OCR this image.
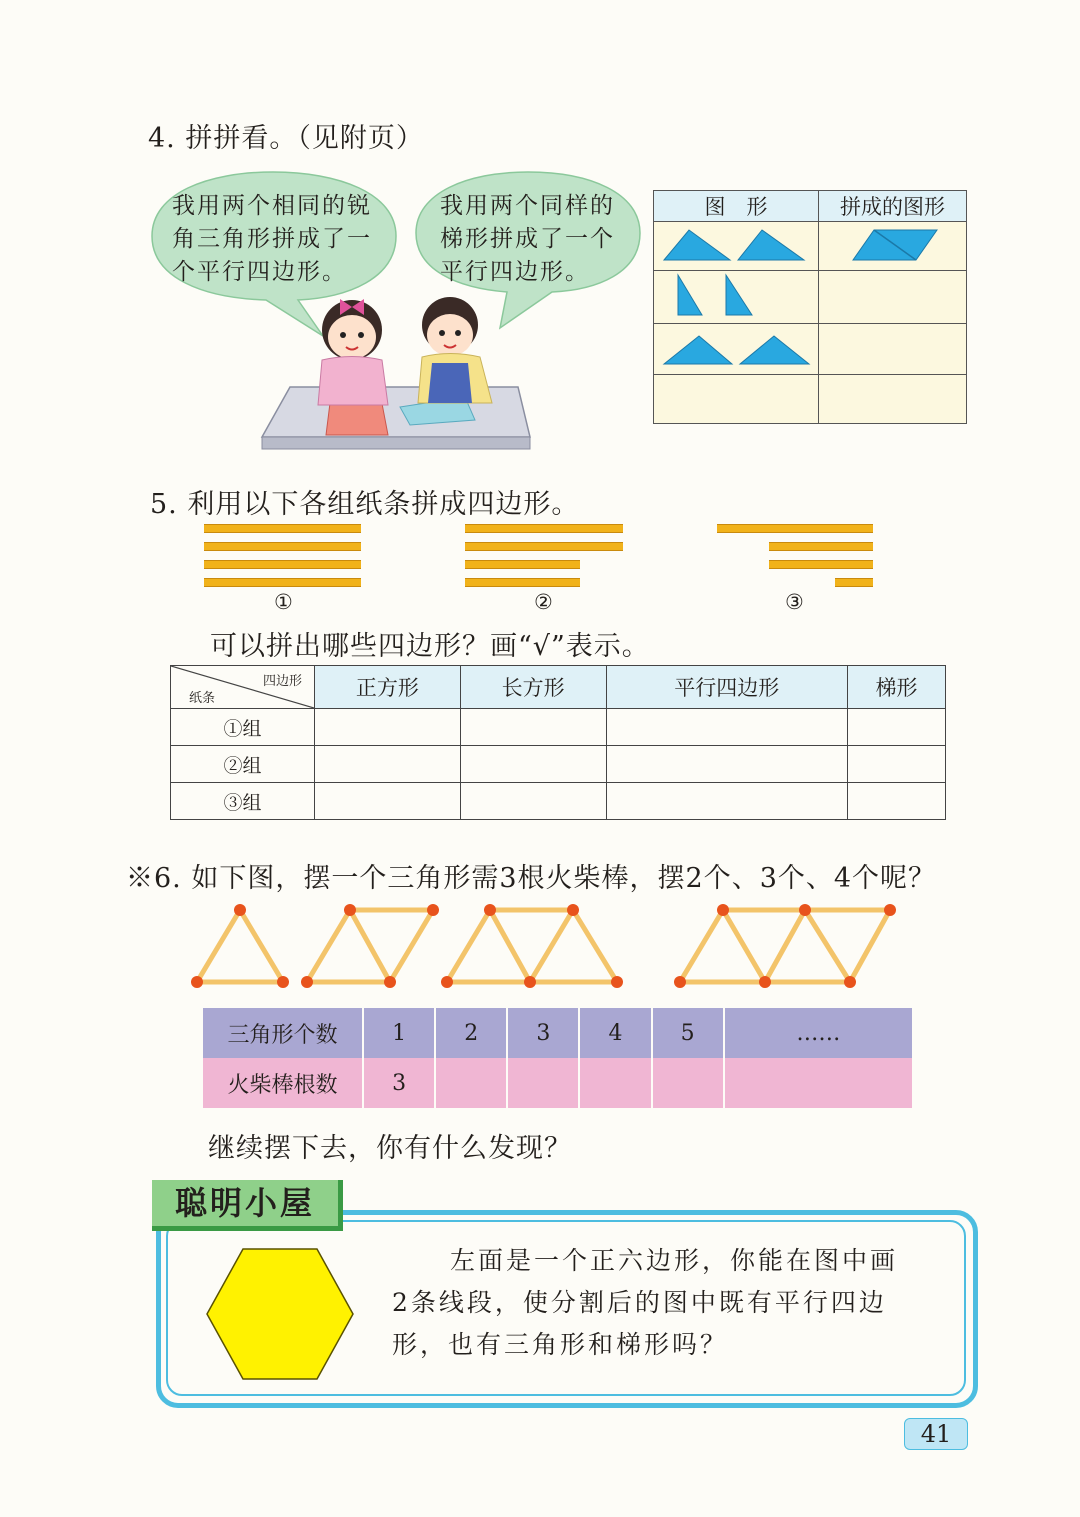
4. 拼拼看。（见附页）
我用两个相同的锐
角三角形拼成了一
个平行四边形。
我用两个同样的
梯形拼成了一个
平行四边形。
图　形	拼成的图形

5. 利用以下各组纸条拼成四边形。
①	②	③
可以拼出哪些四边形？画“√”表示。
四边形
纸条	正方形	长方形	平行四边形	梯形
①组				
②组				
③组				
※6. 如下图，摆一个三角形需3根火柴棒，摆2个、3个、4个呢？
三角形个数	1	2	3	4	5	……
火柴棒根数	3					
继续摆下去，你有什么发现？
聪明小屋
左面是一个正六边形，你能在图中画
2条线段，使分割后的图中既有平行四边
形，也有三角形和梯形吗？
41
